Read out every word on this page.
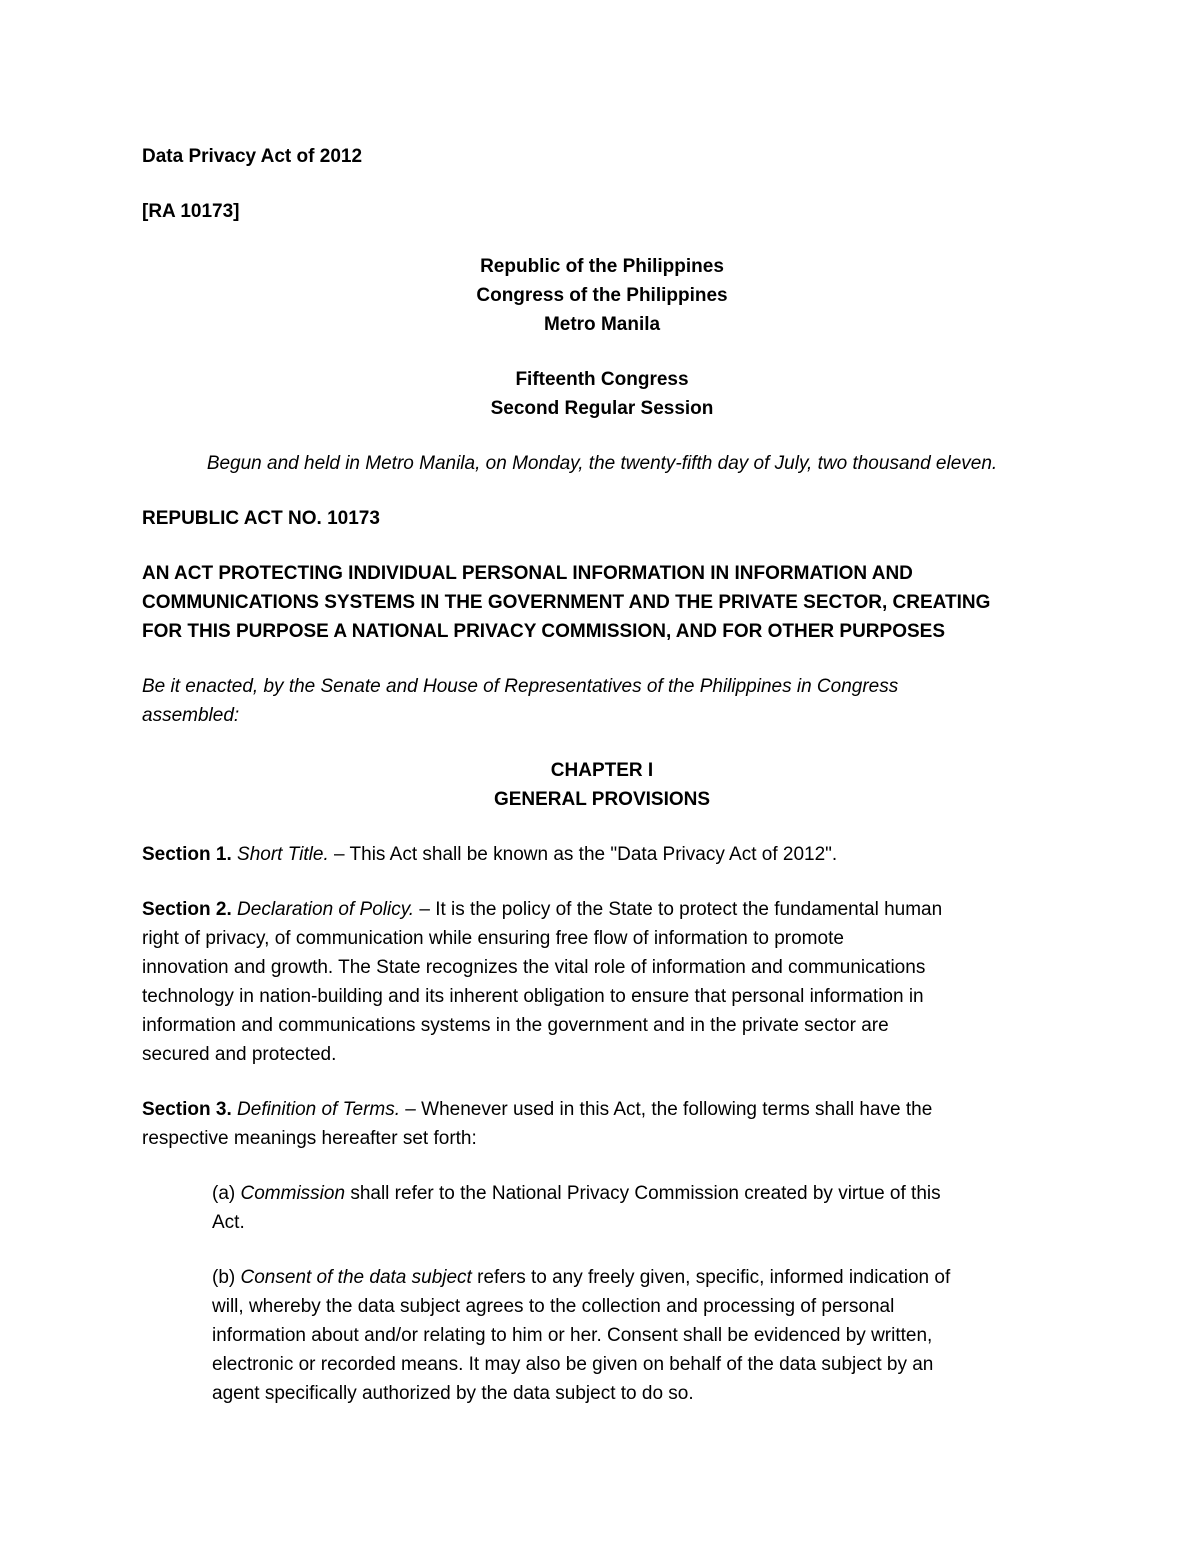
Data Privacy Act of 2012

[RA 10173]

Republic of the Philippines

Congress of the Philippines

Metro Manila

Fifteenth Congress

Second Regular Session

Begun and held in Metro Manila, on Monday, the twenty-fifth day of July, two thousand eleven.

REPUBLIC ACT NO. 10173

AN ACT PROTECTING INDIVIDUAL PERSONAL INFORMATION IN INFORMATION AND

COMMUNICATIONS SYSTEMS IN THE GOVERNMENT AND THE PRIVATE SECTOR, CREATING

FOR THIS PURPOSE A NATIONAL PRIVACY COMMISSION, AND FOR OTHER PURPOSES

Be it enacted, by the Senate and House of Representatives of the Philippines in Congress

assembled:

CHAPTER I

GENERAL PROVISIONS

Section 1. Short Title. – This Act shall be known as the "Data Privacy Act of 2012".

Section 2. Declaration of Policy. – It is the policy of the State to protect the fundamental human

right of privacy, of communication while ensuring free flow of information to promote

innovation and growth. The State recognizes the vital role of information and communications

technology in nation-building and its inherent obligation to ensure that personal information in

information and communications systems in the government and in the private sector are

secured and protected.

Section 3. Definition of Terms. – Whenever used in this Act, the following terms shall have the

respective meanings hereafter set forth:

(a) Commission shall refer to the National Privacy Commission created by virtue of this

Act.

(b) Consent of the data subject refers to any freely given, specific, informed indication of

will, whereby the data subject agrees to the collection and processing of personal

information about and/or relating to him or her. Consent shall be evidenced by written,

electronic or recorded means. It may also be given on behalf of the data subject by an

agent specifically authorized by the data subject to do so.
